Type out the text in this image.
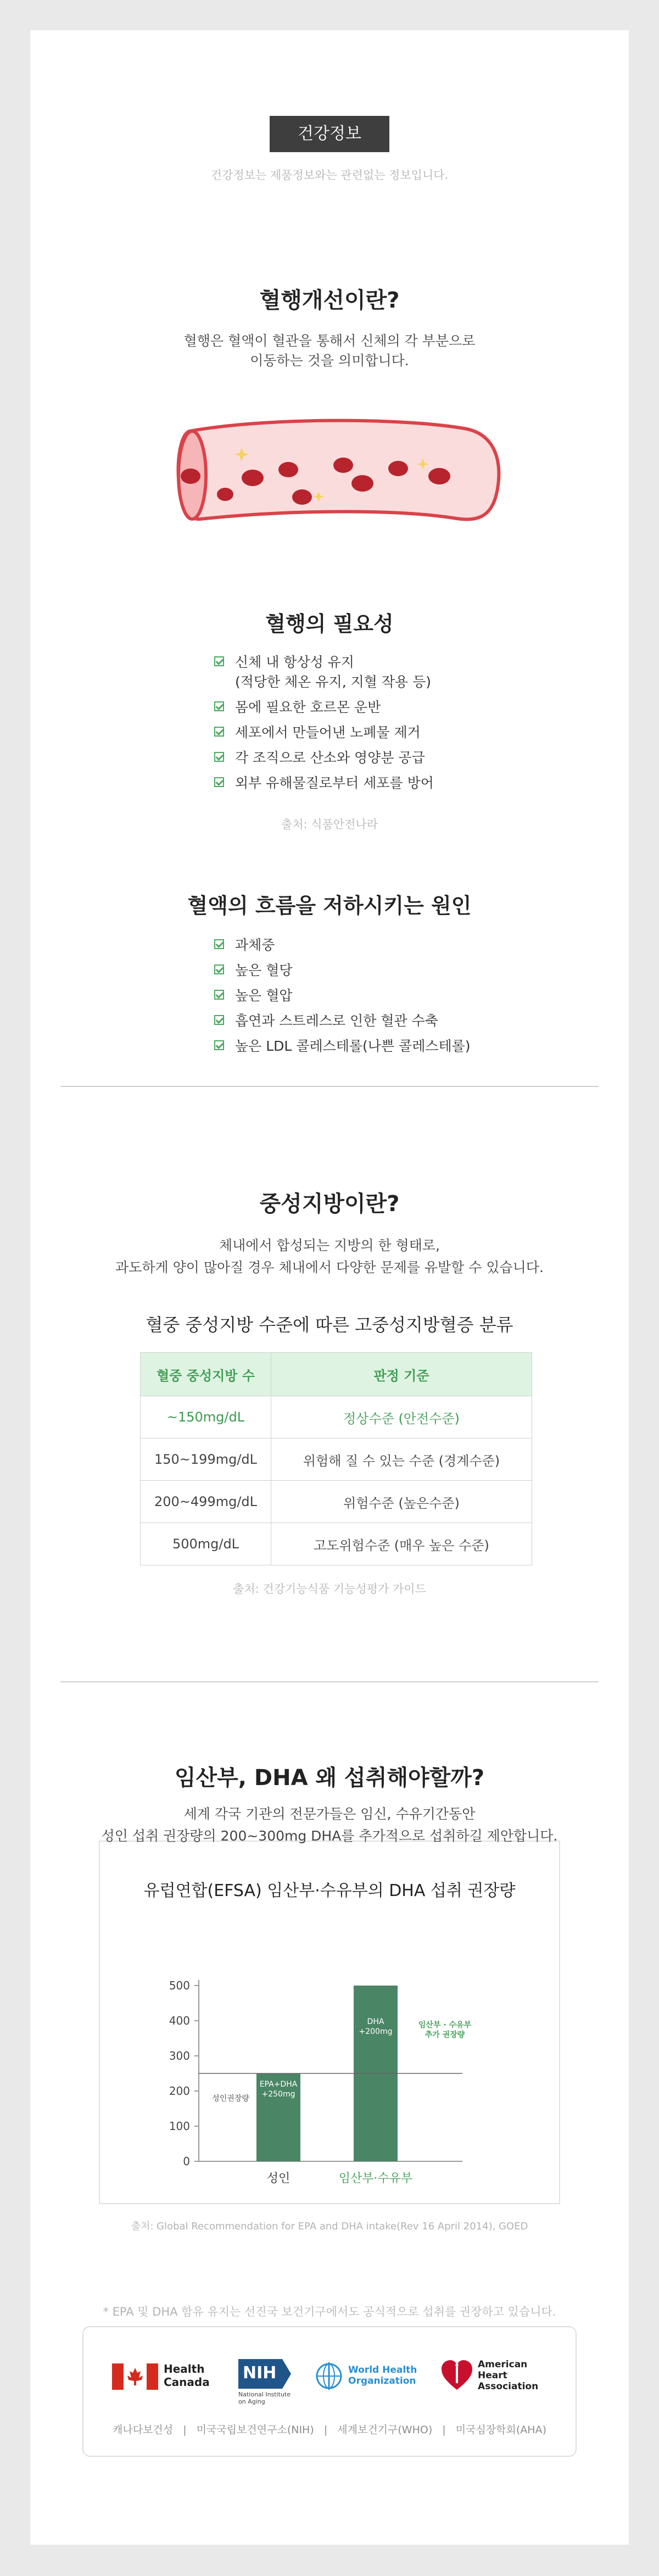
건강정보
건강정보는 제품정보와는 관련없는 정보입니다.
혈행개선이란?
혈행은 혈액이 혈관을 통해서 신체의 각 부분으로
이동하는 것을 의미합니다.
혈행의 필요성
신체 내 항상성 유지
(적당한 체온 유지, 지혈 작용 등)
몸에 필요한 호르몬 운반
세포에서 만들어낸 노폐물 제거
각 조직으로 산소와 영양분 공급
외부 유해물질로부터 세포를 방어
출처: 식품안전나라
혈액의 흐름을 저하시키는 원인
과체중
높은 혈당
높은 혈압
흡연과 스트레스로 인한 혈관 수축
높은 LDL 콜레스테롤(나쁜 콜레스테롤)
중성지방이란?
체내에서 합성되는 지방의 한 형태로,
과도하게 양이 많아질 경우 체내에서 다양한 문제를 유발할 수 있습니다.
혈중 중성지방 수준에 따른 고중성지방혈증 분류
혈중 중성지방 수	판정 기준
~150mg/dL	정상수준 (안전수준)
150~199mg/dL	위험해 질 수 있는 수준 (경계수준)
200~499mg/dL	위험수준 (높은수준)
500mg/dL	고도위험수준 (매우 높은 수준)
출처: 건강기능식품 기능성평가 가이드
임산부, DHA 왜 섭취해야할까?
세계 각국 기관의 전문가들은 임신, 수유기간동안
유럽연합(EFSA) 임산부·수유부의 DHA 섭취 권장량
0
100
200
300
400
500
EPA+DHA
+250mg
성인
DHA
+200mg
임산부·수유부
성인권장량
임산부 · 수유부
추가 권장량
성인 섭취 권장량의 200~300mg DHA를 추가적으로 섭취하길 제안합니다.
출처: Global Recommendation for EPA and DHA intake(Rev 16 April 2014), GOED
* EPA 및 DHA 함유 유지는 선진국 보건기구에서도 공식적으로 섭취를 권장하고 있습니다.
Health
Canada NIH
National Institute
on Aging
World Health
Organization
American
Heart
Association
캐나다보건성 | 미국국립보건연구소(NIH) | 세계보건기구(WHO) | 미국심장학회(AHA)
